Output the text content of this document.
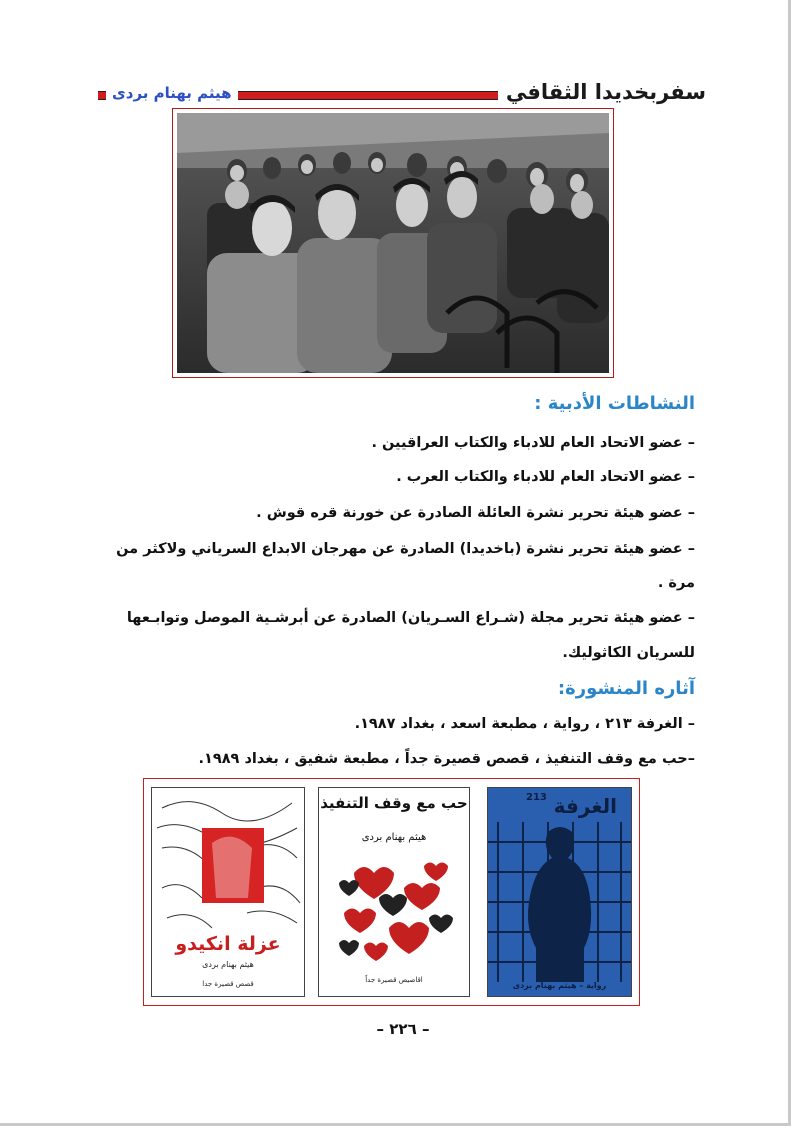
هيثم بهنام بردى	سفربخديدا الثقافي
النشاطات الأدبية :
– عضو الاتحاد العام للادباء والكتاب العراقيين .
– عضو الاتحاد العام للادباء والكتاب العرب .
– عضو هيئة تحرير نشرة العائلة الصادرة عن خورنة قره قوش .
– عضو هيئة تحرير نشرة (باخديدا) الصادرة عن مهرجان الابداع السرياني ولاكثر من
مرة .
– عضو هيئة تحرير مجلة (شـراع السـريان) الصادرة عن أبرشـية الموصل وتوابـعها
للسريان الكاثوليك.
آثاره المنشورة:
– الغرفة ٢١٣ ، رواية ، مطبعة اسعد ، بغداد ١٩٨٧.
–حب مع وقف التنفيذ ، قصص قصيرة جداً ، مطبعة شفيق ، بغداد ١٩٨٩.
عزلة انكيدو
هيثم بهنام بردى
قصص قصيرة جدا
حب مع وقف التنفيذ
هيثم بهنام بردى
اقاصيص قصيرة جداً
الغرفة
213
رواية – هيثم بهنام بردى
– ٢٢٦ –
